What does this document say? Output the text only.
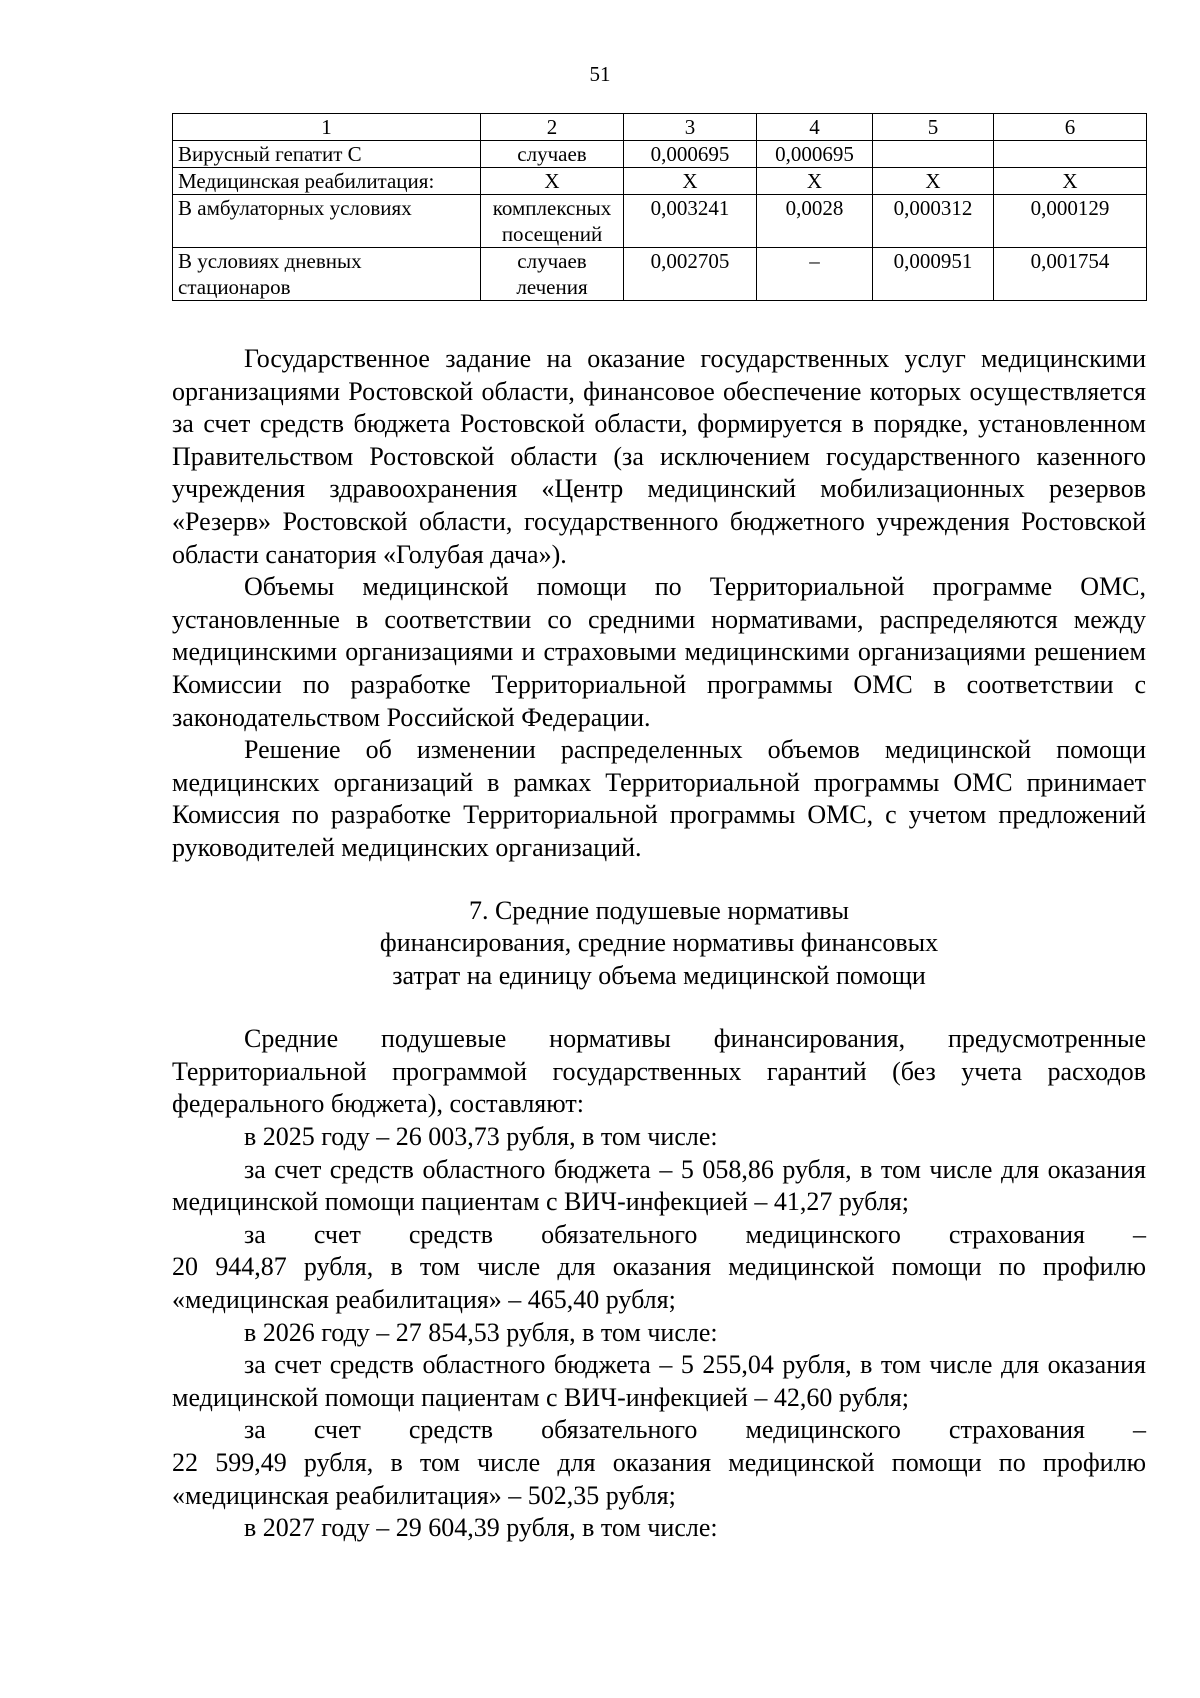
51
1	2	3	4	5	6
Вирусный гепатит С	случаев	0,000695	0,000695		
Медицинская реабилитация:	Х	Х	Х	Х	Х
В амбулаторных условиях	комплексных посещений	0,003241	0,0028	0,000312	0,000129
В условиях дневных стационаров	случаев лечения	0,002705	–	0,000951	0,001754

Государственное задание на оказание государственных услуг медицинскими организациями Ростовской области, финансовое обеспечение которых осуществляется за счет средств бюджета Ростовской области, формируется в порядке, установленном Правительством Ростовской области (за исключением государственного казенного учреждения здравоохранения «Центр медицинский мобилизационных резервов «Резерв» Ростовской области, государственного бюджетного учреждения Ростовской области санатория «Голубая дача»).

Объемы медицинской помощи по Территориальной программе ОМС, установленные в соответствии со средними нормативами, распределяются между медицинскими организациями и страховыми медицинскими организациями решением Комиссии по разработке Территориальной программы ОМС в соответствии с законодательством Российской Федерации.

Решение об изменении распределенных объемов медицинской помощи медицинских организаций в рамках Территориальной программы ОМС принимает Комиссия по разработке Территориальной программы ОМС, с учетом предложений руководителей медицинских организаций.

7. Средние подушевые нормативы
финансирования, средние нормативы финансовых
затрат на единицу объема медицинской помощи

Средние подушевые нормативы финансирования, предусмотренные Территориальной программой государственных гарантий (без учета расходов федерального бюджета), составляют:

в 2025 году – 26 003,73 рубля, в том числе:

за счет средств областного бюджета – 5 058,86 рубля, в том числе для оказания медицинской помощи пациентам с ВИЧ-инфекцией – 41,27 рубля;

за счет средств обязательного медицинского страхования –

20 944,87 рубля, в том числе для оказания медицинской помощи по профилю «медицинская реабилитация» – 465,40 рубля;

в 2026 году – 27 854,53 рубля, в том числе:

за счет средств областного бюджета – 5 255,04 рубля, в том числе для оказания медицинской помощи пациентам с ВИЧ-инфекцией – 42,60 рубля;

за счет средств обязательного медицинского страхования –

22 599,49 рубля, в том числе для оказания медицинской помощи по профилю «медицинская реабилитация» – 502,35 рубля;

в 2027 году – 29 604,39 рубля, в том числе:
